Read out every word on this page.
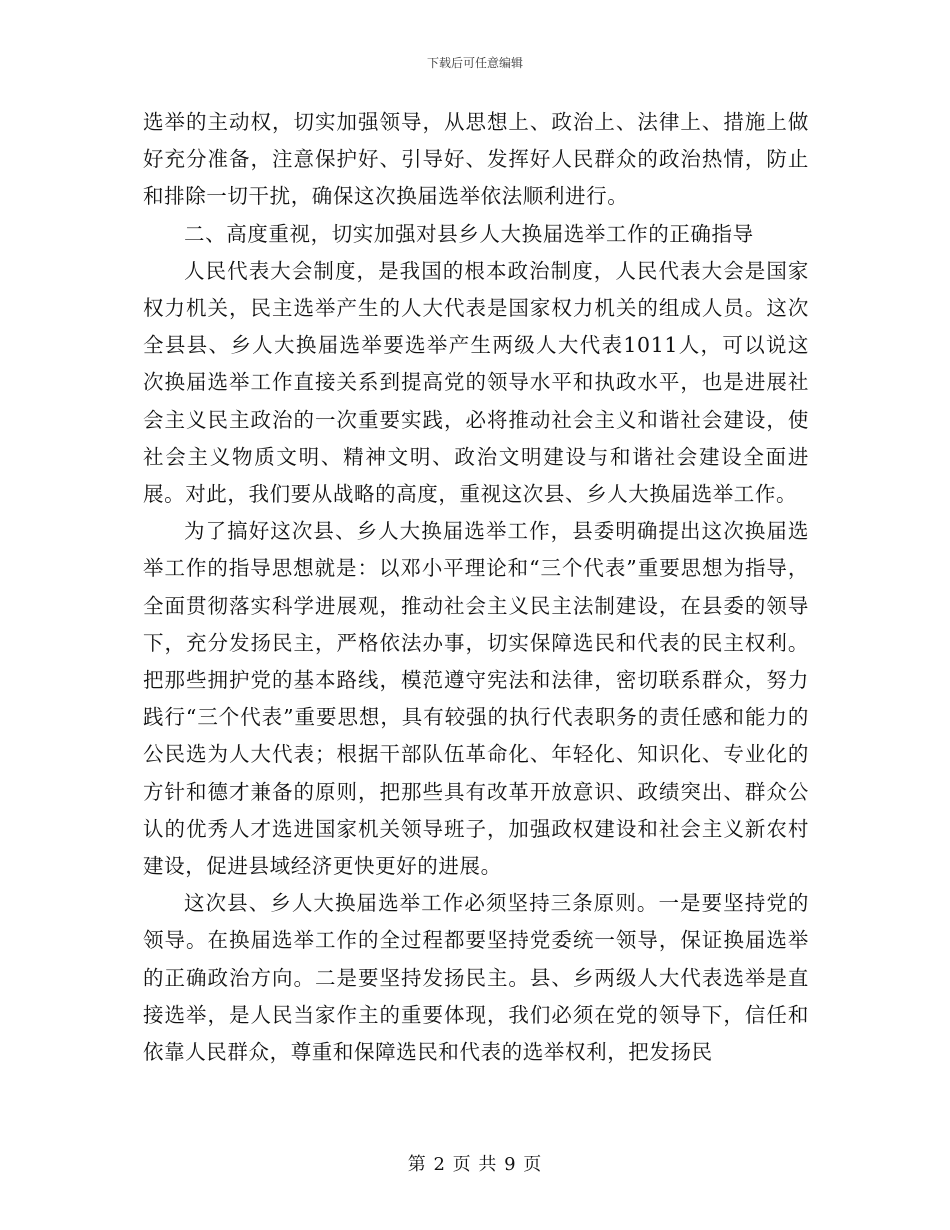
下载后可任意编辑

选举的主动权，切实加强领导，从思想上、政治上、法律上、措施上做好充分准备，注意保护好、引导好、发挥好人民群众的政治热情，防止和排除一切干扰，确保这次换届选举依法顺利进行。

二、高度重视，切实加强对县乡人大换届选举工作的正确指导

人民代表大会制度，是我国的根本政治制度，人民代表大会是国家权力机关，民主选举产生的人大代表是国家权力机关的组成人员。这次全县县、乡人大换届选举要选举产生两级人大代表1011人，可以说这次换届选举工作直接关系到提高党的领导水平和执政水平，也是进展社会主义民主政治的一次重要实践，必将推动社会主义和谐社会建设，使社会主义物质文明、精神文明、政治文明建设与和谐社会建设全面进展。对此，我们要从战略的高度，重视这次县、乡人大换届选举工作。

为了搞好这次县、乡人大换届选举工作，县委明确提出这次换届选举工作的指导思想就是：以邓小平理论和“三个代表”重要思想为指导，全面贯彻落实科学进展观，推动社会主义民主法制建设，在县委的领导下，充分发扬民主，严格依法办事，切实保障选民和代表的民主权利。把那些拥护党的基本路线，模范遵守宪法和法律，密切联系群众，努力践行“三个代表”重要思想，具有较强的执行代表职务的责任感和能力的公民选为人大代表；根据干部队伍革命化、年轻化、知识化、专业化的方针和德才兼备的原则，把那些具有改革开放意识、政绩突出、群众公认的优秀人才选进国家机关领导班子，加强政权建设和社会主义新农村建设，促进县域经济更快更好的进展。

这次县、乡人大换届选举工作必须坚持三条原则。一是要坚持党的领导。在换届选举工作的全过程都要坚持党委统一领导，保证换届选举的正确政治方向。二是要坚持发扬民主。县、乡两级人大代表选举是直接选举，是人民当家作主的重要体现，我们必须在党的领导下，信任和依靠人民群众，尊重和保障选民和代表的选举权利，把发扬民

第 2 页 共 9 页
